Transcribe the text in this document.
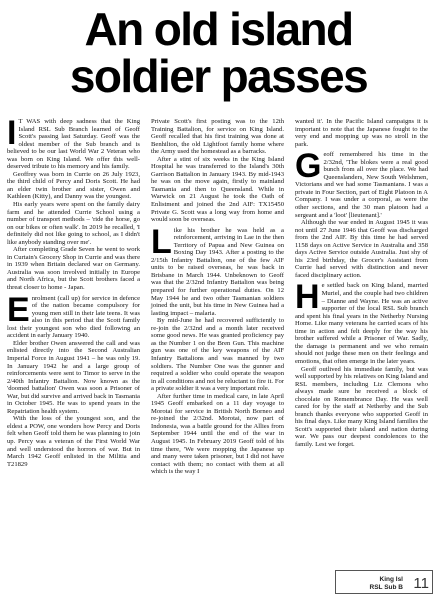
An old island
soldier passes

I T WAS with deep sadness that the King Island RSL Sub Branch learned of Geoff Scott's passing last Saturday. Geoff was the oldest member of the Sub branch and is believed to be our last World War 2 Veteran who was born on King Island. We offer this well-deserved tribute to his memory and his family.

Geoffrey was born in Currie on 26 July 1923, the third child of Percy and Doris Scott. He had an elder twin brother and sister, Owen and Kathleen (Kitty), and Danny was the youngest.

His early years were spent on the family dairy farm and he attended Currie School using a number of transport methods – 'ride the horse, go on our bikes or often walk'. In 2019 he recalled, 'I definitely did not like going to school, as I didn't like anybody standing over me'.

After completing Grade Seven he went to work in Curtain's Grocery Shop in Currie and was there in 1939 when Britain declared war on Germany. Australia was soon involved initially in Europe and North Africa, but the Scott brothers faced a threat closer to home - Japan.

Enrolment (call up) for service in defence of the nation became compulsory for young men still in their late teens. It was also in this period that the Scott family lost their youngest son who died following an accident in early January 1940.

Elder brother Owen answered the call and was enlisted directly into the Second Australian Imperial Force in August 1941 – he was only 19. In January 1942 he and a large group of reinforcements were sent to Timor to serve in the 2/40th Infantry Battalion. Now known as the 'doomed battalion' Owen was soon a Prisoner of War, but did survive and arrived back in Tasmania in October 1945. He was to spend years in the Repatriation health system.

With the loss of the youngest son, and the eldest a POW, one wonders how Percy and Doris felt when Geoff told them he was planning to join up. Percy was a veteran of the First World War and well understood the horrors of war. But in March 1942 Geoff enlisted in the Militia and T21829

Private Scott's first posting was to the 12th Training Battalion, for service on King Island. Geoff recalled that his first training was done at Benhilton, the old Lightfoot family home where the Army used the homestead as a barracks.

After a stint of six weeks in the King Island Hospital he was transferred to the Island's 30th Garrison Battalion in January 1943. By mid-1943 he was on the move again, firstly to mainland Tasmania and then to Queensland. While in Warwick on 21 August he took the Oath of Enlistment and joined the 2nd AIF: TX15450 Private G. Scott was a long way from home and would soon be overseas.

Like his brother he was held as a reinforcement, arriving in Lae in the then Territory of Papua and New Guinea on Boxing Day 1943. After a posting to the 2/15th Infantry Battalion, one of the few AIF units to be raised overseas, he was back in Brisbane in March 1944. Unbeknown to Geoff was that the 2/32nd Infantry Battalion was being prepared for further operational duties. On 12 May 1944 he and two other Tasmanian soldiers joined the unit, but his time in New Guinea had a lasting impact – malaria.

By mid-June he had recovered sufficiently to re-join the 2/32nd and a month later received some good news. He was granted proficiency pay as the Number 1 on the Bren Gun. This machine gun was one of the key weapons of the AIF Infantry Battalions and was manned by two soldiers. The Number One was the gunner and required a soldier who could operate the weapon in all conditions and not be reluctant to fire it. For a private soldier it was a very important role.

After further time in medical care, in late April 1945 Geoff embarked on a 11 day voyage to Morotai for service in British North Borneo and re-joined the 2/32nd. Morotai, now part of Indonesia, was a battle ground for the Allies from September 1944 until the end of the war in August 1945. In February 2019 Geoff told of his time there, 'We were mopping the Japanese up and many were taken prisoner, but I did not have contact with them; no contact with them at all which is the way I

wanted it'. In the Pacific Island campaigns it is important to note that the Japanese fought to the very end and mopping up was no stroll in the park.

Geoff remembered his time in the 2/32nd, 'The blokes were a real good bunch from all over the place. We had Queenslanders, New South Welshmen, Victorians and we had some Tasmanians. I was a private in Four Section, part of Eight Platoon in A Company. I was under a corporal, as were the other sections, and the 30 man platoon had a sergeant and a 'loot' [lieutenant].'

Although the war ended in August 1945 it was not until 27 June 1946 that Geoff was discharged from the 2nd AIF. By this time he had served 1158 days on Active Service in Australia and 358 days Active Service outside Australia. Just shy of his 23rd birthday, the Grocer's Assistant from Currie had served with distinction and never faced disciplinary action.

He settled back on King Island, married Muriel, and the couple had two children – Dianne and Wayne. He was an active supporter of the local RSL Sub branch and spent his final years in the Netherby Nursing Home. Like many veterans he carried scars of his time in action and felt deeply for the way his brother suffered while a Prisoner of War. Sadly, the damage is permanent and we who remain should not judge these men on their feelings and emotions, that often emerge in the later years.

Geoff outlived his immediate family, but was well supported by his relatives on King Island and RSL members, including Liz Clemons who always made sure he received a block of chocolate on Remembrance Day. He was well cared for by the staff at Netherby and the Sub branch thanks everyone who supported Geoff in his final days. Like many King Island families the Scott's supported their island and nation during war. We pass our deepest condolences to the family. Lest we forget.

King Isl
RSL Sub B 11
